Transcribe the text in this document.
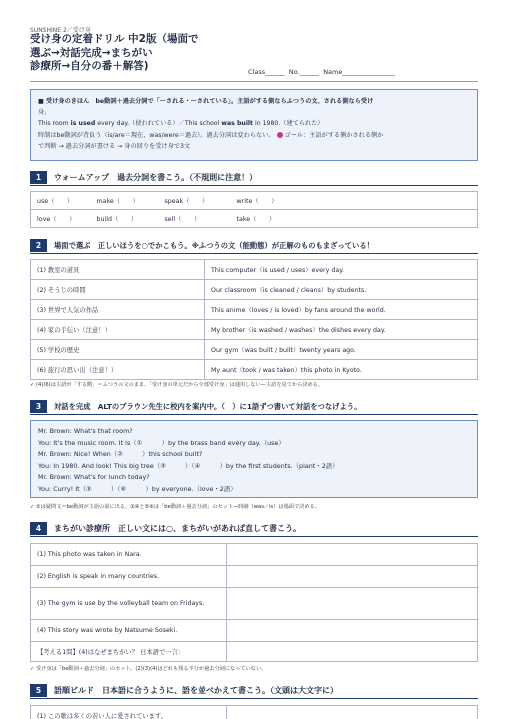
SUNSHINE 2／受け身
受け身の定着ドリル 中2版（場面で
選ぶ→対話完成→まちがい
診療所→自分の番＋解答)	Class______
No.______
Name________________
■ 受け身のきほん　be動詞＋過去分詞で「〜される・〜されている」。主語がする側ならふつうの文、される側なら受け
身。
This room is used every day.（使われている）／This school was built in 1980.（建てられた）
時制はbe動詞が背負う（is/are＝現在，was/were＝過去）。過去分詞は変わらない。 ゴール：主語がする側かされる側か
で判断 → 過去分詞が書ける → 身の回りを受け身で3文
1	ウォームアップ　過去分詞を書こう。（不規則に注意！）
use（　　）	make（　　）	speak（　　）	write（　　）
love（　　）	build（　　）	sell（　　）	take（　　）
2	場面で選ぶ　正しいほうを○でかこもう。※ふつうの文（能動態）が正解のものもまざっている！
(1) 教室の道具	This computer（is used / uses）every day.
(2) そうじの時間	Our classroom（is cleaned / cleans）by students.
(3) 世界で人気の作品	This anime（loves / is loved）by fans around the world.
(4) 家の手伝い（注意！）	My brother（is washed / washes）the dishes every day.
(5) 学校の歴史	Our gym（was built / built）twenty years ago.
(6) 旅行の思い出（注意！）	My aunt（took / was taken）this photo in Kyoto.
✓ (4)(6)は主語が「する側」＝ふつうの文のまま。「受け身の単元だから全部受け身」は通用しない—主語を見てから決める。
3	対話を完成　ALTのブラウン先生に校内を案内中。（　）に1語ずつ書いて対話をつなげよう。
Mr. Brown: What's that room?
You: It's the music room. It is（①　　　）by the brass band every day.（use）
Mr. Brown: Nice! When（②　　　）this school built?
You: In 1980. And look! This big tree（③　　　）（④　　　）by the first students.（plant・2語）
Mr. Brown: What's for lunch today?
You: Curry! It（⑤　　　）（⑥　　　）by everyone.（love・2語）
✓ ②は疑問文＝be動詞が主語の前に出る。③④と⑤⑥は「be動詞＋過去分詞」のセット—時制（was／is）は場面で決める。
4	まちがい診療所　正しい文には○、まちがいがあれば直して書こう。
(1) This photo was taken in Nara.	
(2) English is speak in many countries.	
(3) The gym is use by the volleyball team on Fridays.	
(4) This story was wrote by Natsume Soseki.	
【考える1問】(4)はなぜまちがい？ 日本語で一言：	
✓ 受け身は「be動詞＋過去分詞」のセット。(2)(3)(4)はどれも残る半分が過去分詞になっていない。
5	語順ビルド　日本語に合うように、語を並べかえて書こう。（文頭は大文字に）
(1) この歌は多くの若い人に愛されています。	
